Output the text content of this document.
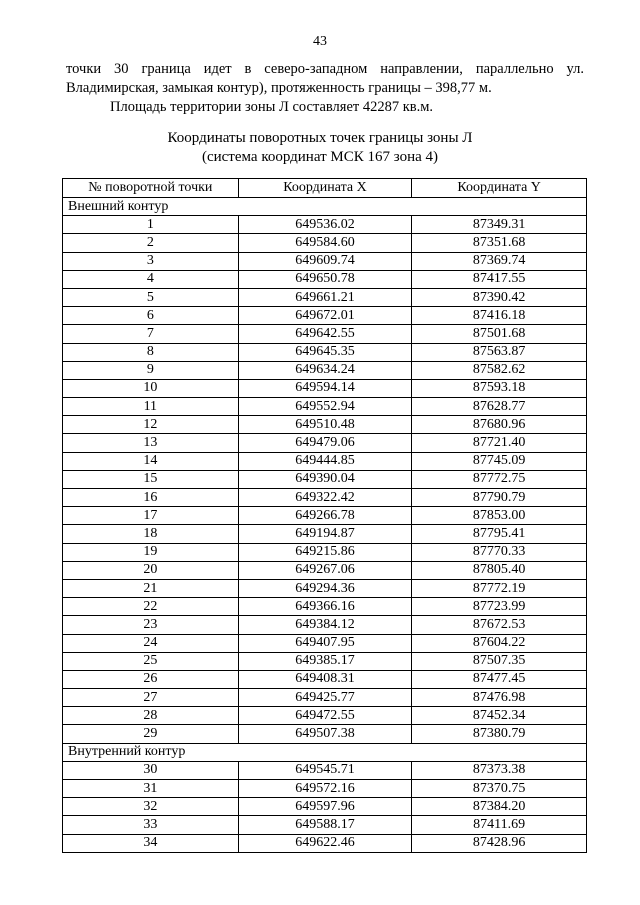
43
точки 30 граница идет в северо-западном направлении, параллельно ул. Владимирская, замыкая контур), протяженность границы – 398,77 м.
Площадь территории зоны Л составляет 42287 кв.м.
Координаты поворотных точек границы зоны Л
(система координат МСК 167 зона 4)
№ поворотной точки	Координата X	Координата Y
Внешний контур		
1	649536.02	87349.31
2	649584.60	87351.68
3	649609.74	87369.74
4	649650.78	87417.55
5	649661.21	87390.42
6	649672.01	87416.18
7	649642.55	87501.68
8	649645.35	87563.87
9	649634.24	87582.62
10	649594.14	87593.18
11	649552.94	87628.77
12	649510.48	87680.96
13	649479.06	87721.40
14	649444.85	87745.09
15	649390.04	87772.75
16	649322.42	87790.79
17	649266.78	87853.00
18	649194.87	87795.41
19	649215.86	87770.33
20	649267.06	87805.40
21	649294.36	87772.19
22	649366.16	87723.99
23	649384.12	87672.53
24	649407.95	87604.22
25	649385.17	87507.35
26	649408.31	87477.45
27	649425.77	87476.98
28	649472.55	87452.34
29	649507.38	87380.79
Внутренний контур		
30	649545.71	87373.38
31	649572.16	87370.75
32	649597.96	87384.20
33	649588.17	87411.69
34	649622.46	87428.96
